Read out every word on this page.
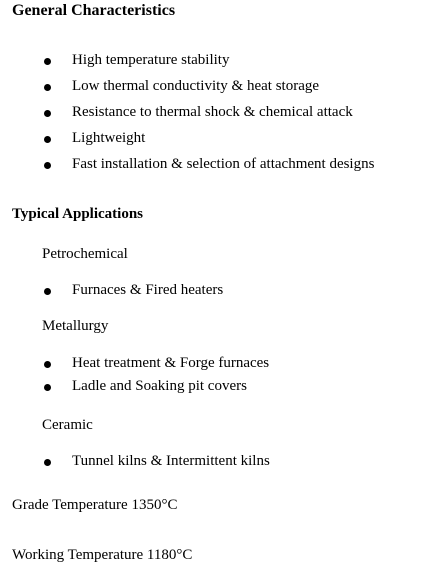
General Characteristics
High temperature stability
Low thermal conductivity & heat storage
Resistance to thermal shock & chemical attack
Lightweight
Fast installation & selection of attachment designs
Typical Applications
Petrochemical
Furnaces & Fired heaters
Metallurgy
Heat treatment & Forge furnaces
Ladle and Soaking pit covers
Ceramic
Tunnel kilns & Intermittent kilns
Grade Temperature 1350°C
Working Temperature 1180°C
